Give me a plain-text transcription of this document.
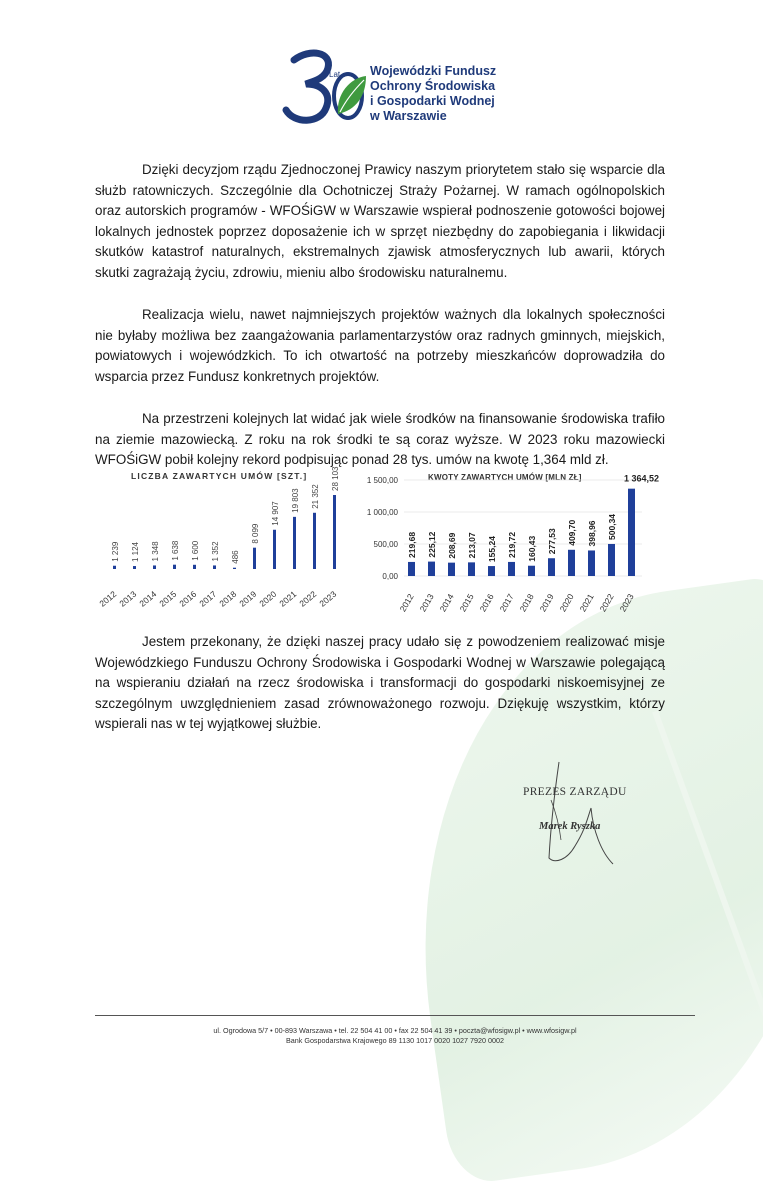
Lat Wojewódzki Fundusz
Ochrony Środowiska
i Gospodarki Wodnej
w Warszawie

Dzięki decyzjom rządu Zjednoczonej Prawicy naszym priorytetem stało się wsparcie dla służb ratowniczych. Szczególnie dla Ochotniczej Straży Pożarnej. W ramach ogólnopolskich oraz autorskich programów - WFOŚiGW w Warszawie wspierał podnoszenie gotowości bojowej lokalnych jednostek poprzez doposażenie ich w sprzęt niezbędny do zapobiegania i likwidacji skutków katastrof naturalnych, ekstremalnych zjawisk atmosferycznych lub awarii, których skutki zagrażają życiu, zdrowiu, mieniu albo środowisku naturalnemu.

Realizacja wielu, nawet najmniejszych projektów ważnych dla lokalnych społeczności nie byłaby możliwa bez zaangażowania parlamentarzystów oraz radnych gminnych, miejskich, powiatowych i wojewódzkich. To ich otwartość na potrzeby mieszkańców doprowadziła do wsparcia przez Fundusz konkretnych projektów.

Na przestrzeni kolejnych lat widać jak wiele środków na finansowanie środowiska trafiło na ziemie mazowiecką. Z roku na rok środki te są coraz wyższe. W 2023 roku mazowiecki WFOŚiGW pobił kolejny rekord podpisując ponad 28 tys. umów na kwotę 1,364 mld zł.

LICZBA ZAWARTYCH UMÓW [SZT.]
1 239
2012
1 124
2013
1 348
2014
1 638
2015
1 600
2016
1 352
2017
486
2018
8 099
2019
14 907
2020
19 803
2021
21 352
2022
28 103
2023
KWOTY ZAWARTYCH UMÓW [MLN ZŁ]
0,00
500,00
1 000,00
1 500,00
219,68
2012
225,12
2013
208,69
2014
213,07
2015
155,24
2016
219,72
2017
160,43
2018
277,53
2019
409,70
2020
398,96
2021
500,34
2022
1 364,52
2023

Jestem przekonany, że dzięki naszej pracy udało się z powodzeniem realizować misje Wojewódzkiego Funduszu Ochrony Środowiska i Gospodarki Wodnej w Warszawie polegającą na wspieraniu działań na rzecz środowiska i transformacji do gospodarki niskoemisyjnej ze szczególnym uwzględnieniem zasad zrównoważonego rozwoju. Dziękuję wszystkim, którzy wspierali nas w tej wyjątkowej służbie.

PREZES ZARZĄDU
Marek Ryszka
ul. Ogrodowa 5/7 • 00-893 Warszawa • tel. 22 504 41 00 • fax 22 504 41 39 • poczta@wfosigw.pl • www.wfosigw.pl
Bank Gospodarstwa Krajowego 89 1130 1017 0020 1027 7920 0002
